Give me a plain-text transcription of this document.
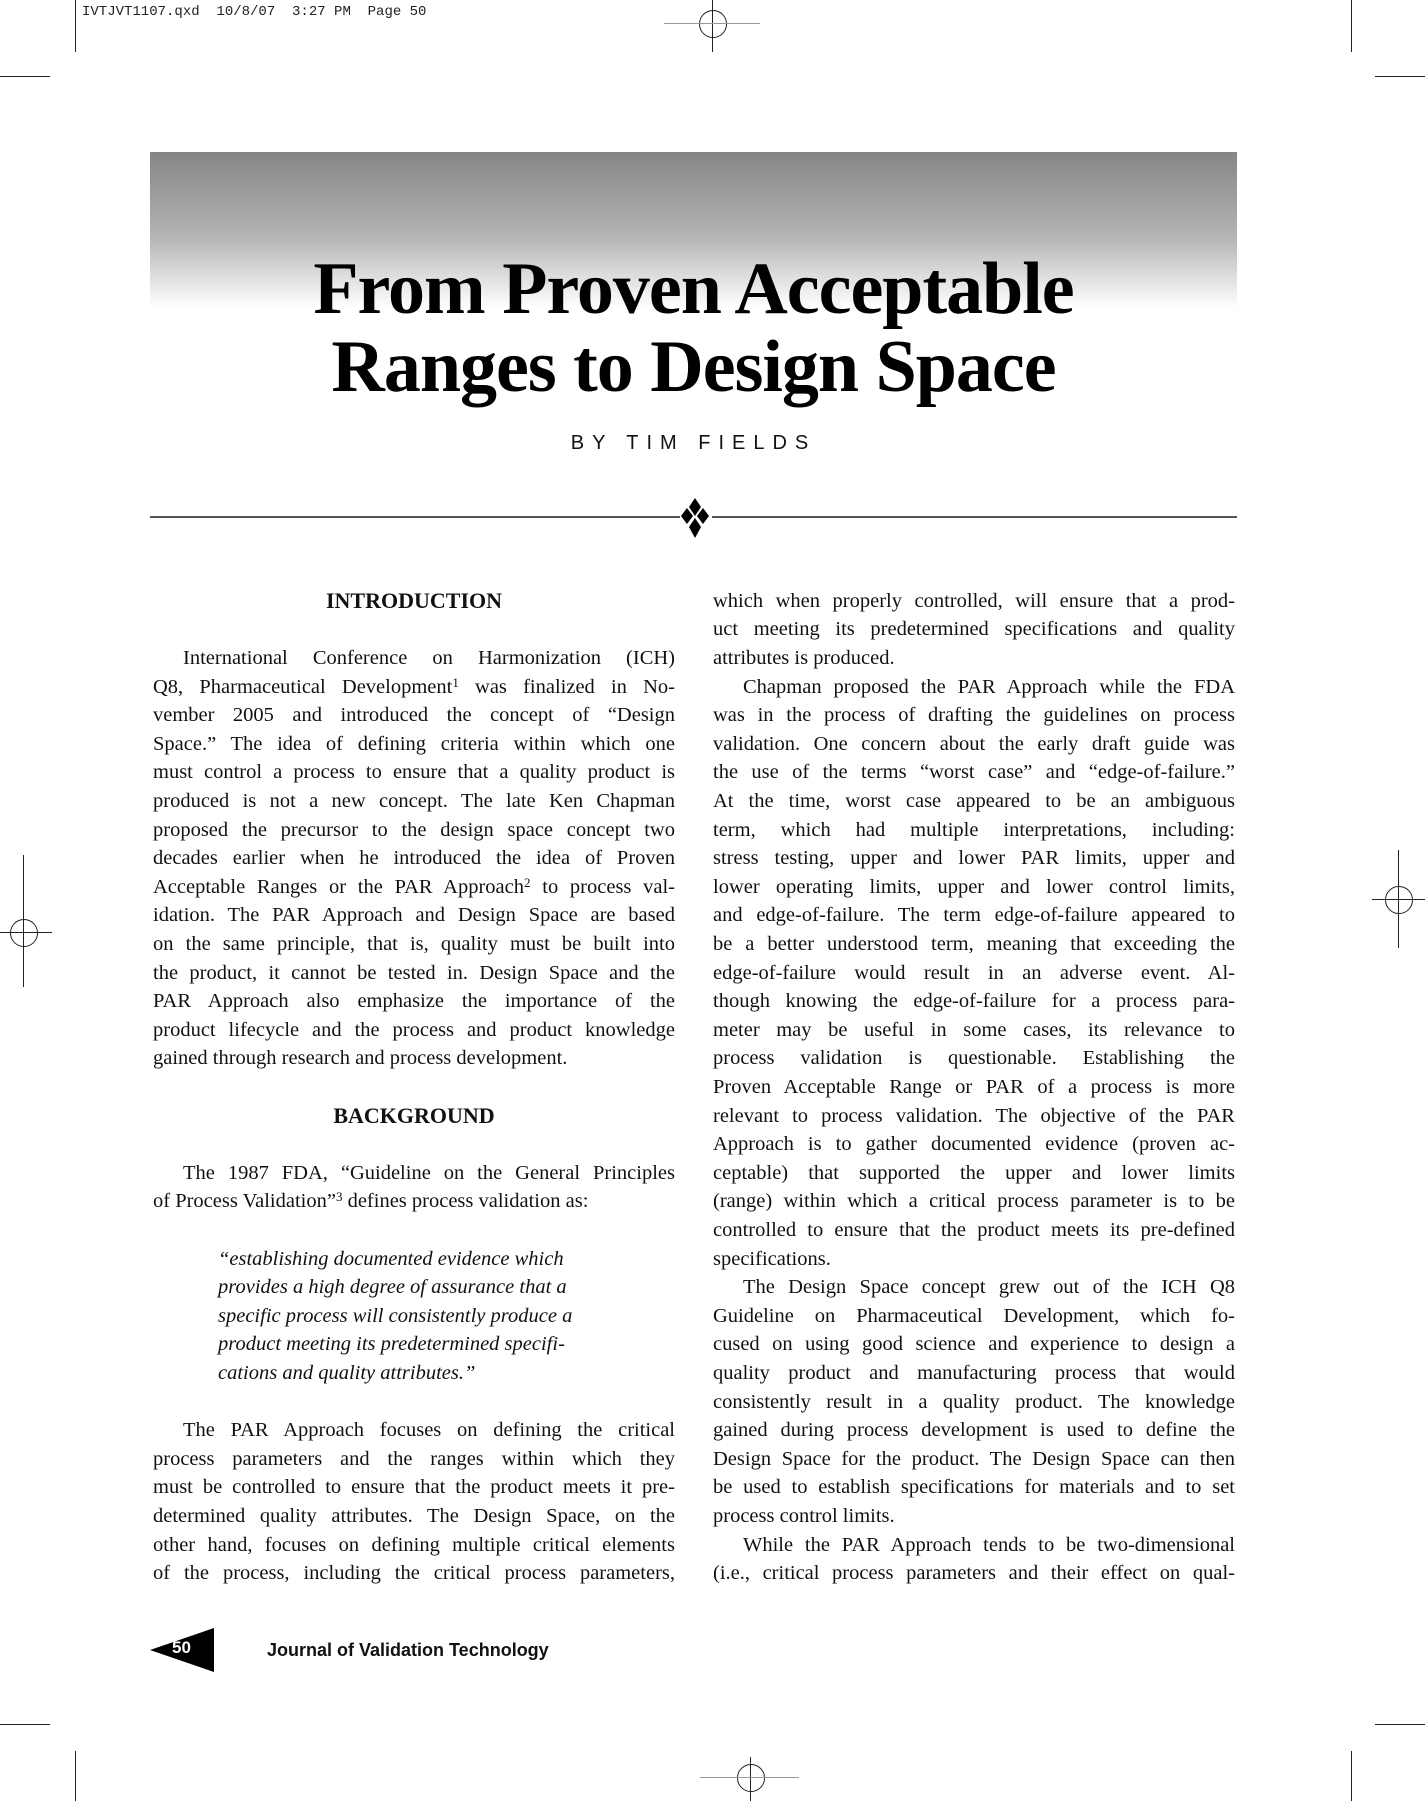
IVTJVT1107.qxd  10/8/07  3:27 PM  Page 50
From Proven Acceptable
Ranges to Design Space
BY TIM FIELDS
INTRODUCTION
International Conference on Harmonization (ICH)
Q8, Pharmaceutical Development$^1$ was finalized in No-
vember 2005 and introduced the concept of “Design
Space.” The idea of defining criteria within which one
must control a process to ensure that a quality product is
produced is not a new concept. The late Ken Chapman
proposed the precursor to the design space concept two
decades earlier when he introduced the idea of Proven
Acceptable Ranges or the PAR Approach$^2$ to process val-
idation. The PAR Approach and Design Space are based
on the same principle, that is, quality must be built into
the product, it cannot be tested in. Design Space and the
PAR Approach also emphasize the importance of the
product lifecycle and the process and product knowledge
gained through research and process development.
BACKGROUND
The 1987 FDA, “Guideline on the General Principles
of Process Validation”$^3$ defines process validation as:
“establishing documented evidence which
provides a high degree of assurance that a
specific process will consistently produce a
product meeting its predetermined specifi-
cations and quality attributes.”
The PAR Approach focuses on defining the critical
process parameters and the ranges within which they
must be controlled to ensure that the product meets it pre-
determined quality attributes. The Design Space, on the
other hand, focuses on defining multiple critical elements
of the process, including the critical process parameters,
which when properly controlled, will ensure that a prod-
uct meeting its predetermined specifications and quality
attributes is produced.
Chapman proposed the PAR Approach while the FDA
was in the process of drafting the guidelines on process
validation. One concern about the early draft guide was
the use of the terms “worst case” and “edge-of-failure.”
At the time, worst case appeared to be an ambiguous
term, which had multiple interpretations, including:
stress testing, upper and lower PAR limits, upper and
lower operating limits, upper and lower control limits,
and edge-of-failure. The term edge-of-failure appeared to
be a better understood term, meaning that exceeding the
edge-of-failure would result in an adverse event. Al-
though knowing the edge-of-failure for a process para-
meter may be useful in some cases, its relevance to
process validation is questionable. Establishing the
Proven Acceptable Range or PAR of a process is more
relevant to process validation. The objective of the PAR
Approach is to gather documented evidence (proven ac-
ceptable) that supported the upper and lower limits
(range) within which a critical process parameter is to be
controlled to ensure that the product meets its pre-defined
specifications.
The Design Space concept grew out of the ICH Q8
Guideline on Pharmaceutical Development, which fo-
cused on using good science and experience to design a
quality product and manufacturing process that would
consistently result in a quality product. The knowledge
gained during process development is used to define the
Design Space for the product. The Design Space can then
be used to establish specifications for materials and to set
process control limits.
While the PAR Approach tends to be two-dimensional
(i.e., critical process parameters and their effect on qual-
50	Journal of Validation Technology
